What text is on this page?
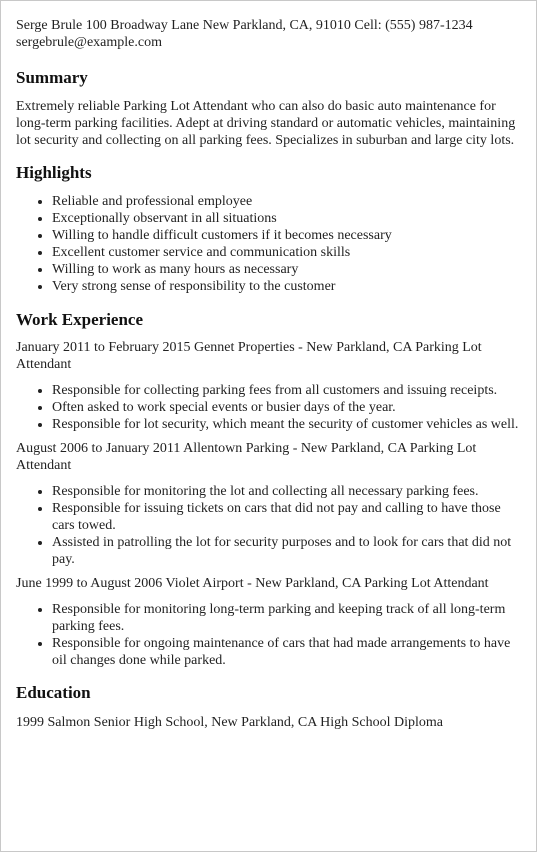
Serge Brule 100 Broadway Lane New Parkland, CA, 91010 Cell: (555) 987-1234 sergebrule@example.com

Summary

Extremely reliable Parking Lot Attendant who can also do basic auto maintenance for long-term parking facilities. Adept at driving standard or automatic vehicles, maintaining lot security and collecting on all parking fees. Specializes in suburban and large city lots.

Highlights
• Reliable and professional employee
• Exceptionally observant in all situations
• Willing to handle difficult customers if it becomes necessary
• Excellent customer service and communication skills
• Willing to work as many hours as necessary
• Very strong sense of responsibility to the customer
Work Experience

January 2011 to February 2015 Gennet Properties - New Parkland, CA Parking Lot Attendant

• Responsible for collecting parking fees from all customers and issuing receipts.
• Often asked to work special events or busier days of the year.
• Responsible for lot security, which meant the security of customer vehicles as well.

August 2006 to January 2011 Allentown Parking - New Parkland, CA Parking Lot Attendant

• Responsible for monitoring the lot and collecting all necessary parking fees.
• Responsible for issuing tickets on cars that did not pay and calling to have those cars towed.
• Assisted in patrolling the lot for security purposes and to look for cars that did not pay.

June 1999 to August 2006 Violet Airport - New Parkland, CA Parking Lot Attendant

• Responsible for monitoring long-term parking and keeping track of all long-term parking fees.
• Responsible for ongoing maintenance of cars that had made arrangements to have oil changes done while parked.
Education

1999 Salmon Senior High School, New Parkland, CA High School Diploma
